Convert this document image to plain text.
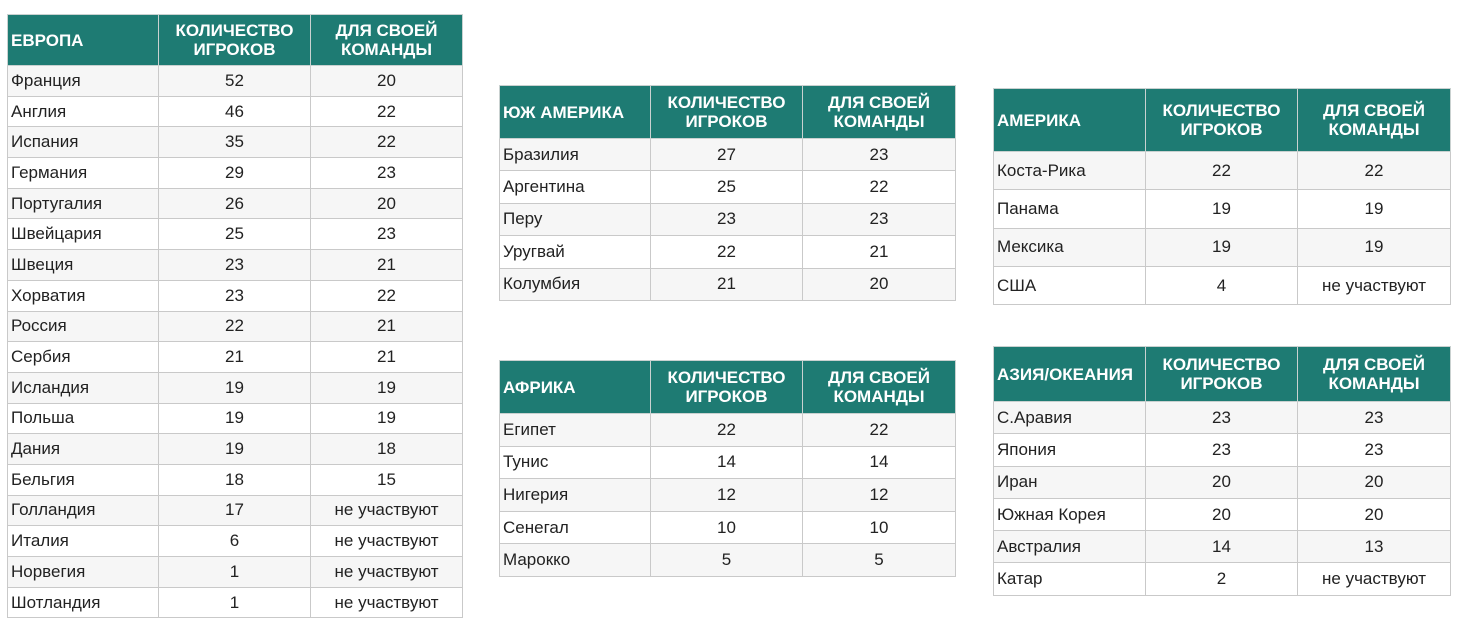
ЕВРОПА	КОЛИЧЕСТВО ИГРОКОВ	ДЛЯ СВОЕЙ КОМАНДЫ
Франция	52	20
Англия	46	22
Испания	35	22
Германия	29	23
Португалия	26	20
Швейцария	25	23
Швеция	23	21
Хорватия	23	22
Россия	22	21
Сербия	21	21
Исландия	19	19
Польша	19	19
Дания	19	18
Бельгия	18	15
Голландия	17	не участвуют
Италия	6	не участвуют
Норвегия	1	не участвуют
Шотландия	1	не участвуют
ЮЖ АМЕРИКА	КОЛИЧЕСТВО ИГРОКОВ	ДЛЯ СВОЕЙ КОМАНДЫ
Бразилия	27	23
Аргентина	25	22
Перу	23	23
Уругвай	22	21
Колумбия	21	20
АФРИКА	КОЛИЧЕСТВО ИГРОКОВ	ДЛЯ СВОЕЙ КОМАНДЫ
Египет	22	22
Тунис	14	14
Нигерия	12	12
Сенегал	10	10
Марокко	5	5
АМЕРИКА	КОЛИЧЕСТВО ИГРОКОВ	ДЛЯ СВОЕЙ КОМАНДЫ
Коста-Рика	22	22
Панама	19	19
Мексика	19	19
США	4	не участвуют
АЗИЯ/ОКЕАНИЯ	КОЛИЧЕСТВО ИГРОКОВ	ДЛЯ СВОЕЙ КОМАНДЫ
С.Аравия	23	23
Япония	23	23
Иран	20	20
Южная Корея	20	20
Австралия	14	13
Катар	2	не участвуют
